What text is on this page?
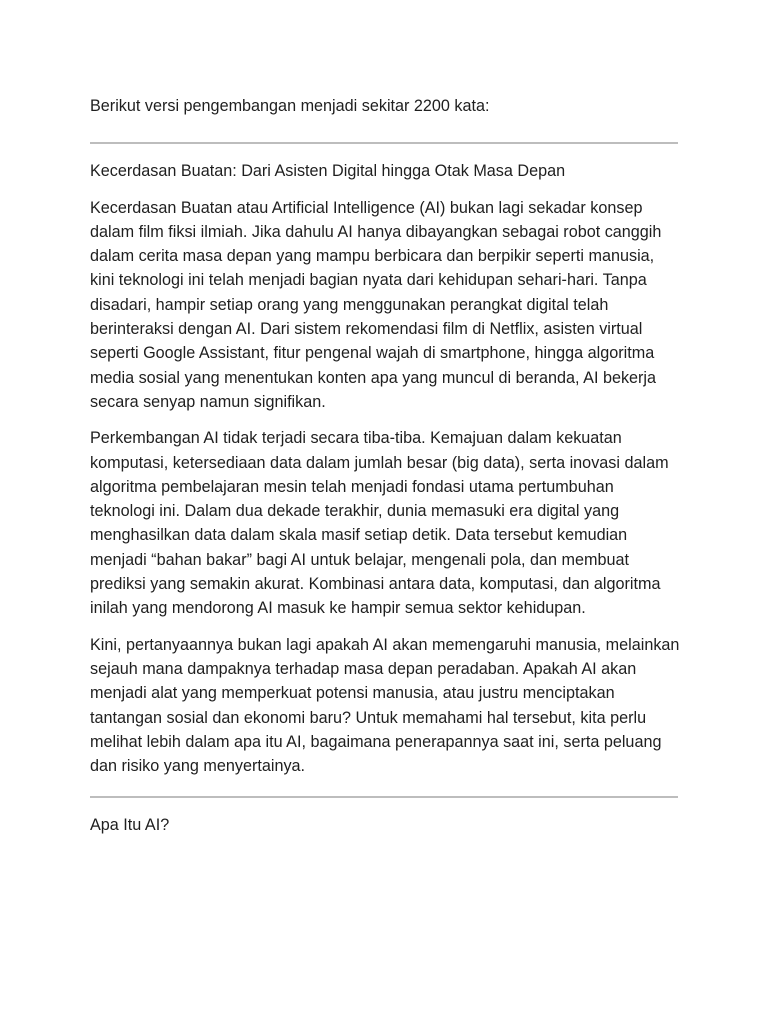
Berikut versi pengembangan menjadi sekitar 2200 kata:

Kecerdasan Buatan: Dari Asisten Digital hingga Otak Masa Depan

Kecerdasan Buatan atau Artificial Intelligence (AI) bukan lagi sekadar konsep dalam film fiksi ilmiah. Jika dahulu AI hanya dibayangkan sebagai robot canggih dalam cerita masa depan yang mampu berbicara dan berpikir seperti manusia, kini teknologi ini telah menjadi bagian nyata dari kehidupan sehari-hari. Tanpa disadari, hampir setiap orang yang menggunakan perangkat digital telah berinteraksi dengan AI. Dari sistem rekomendasi film di Netflix, asisten virtual seperti Google Assistant, fitur pengenal wajah di smartphone, hingga algoritma media sosial yang menentukan konten apa yang muncul di beranda, AI bekerja secara senyap namun signifikan.

Perkembangan AI tidak terjadi secara tiba-tiba. Kemajuan dalam kekuatan komputasi, ketersediaan data dalam jumlah besar (big data), serta inovasi dalam algoritma pembelajaran mesin telah menjadi fondasi utama pertumbuhan teknologi ini. Dalam dua dekade terakhir, dunia memasuki era digital yang menghasilkan data dalam skala masif setiap detik. Data tersebut kemudian menjadi “bahan bakar” bagi AI untuk belajar, mengenali pola, dan membuat prediksi yang semakin akurat. Kombinasi antara data, komputasi, dan algoritma inilah yang mendorong AI masuk ke hampir semua sektor kehidupan.

Kini, pertanyaannya bukan lagi apakah AI akan memengaruhi manusia, melainkan sejauh mana dampaknya terhadap masa depan peradaban. Apakah AI akan menjadi alat yang memperkuat potensi manusia, atau justru menciptakan tantangan sosial dan ekonomi baru? Untuk memahami hal tersebut, kita perlu melihat lebih dalam apa itu AI, bagaimana penerapannya saat ini, serta peluang dan risiko yang menyertainya.

Apa Itu AI?
